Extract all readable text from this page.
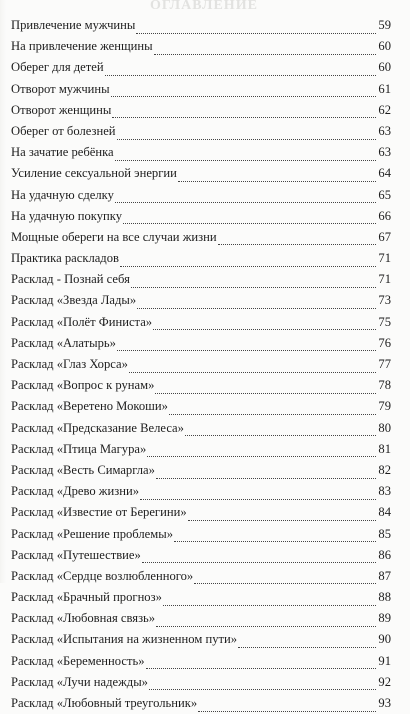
ОГЛАВЛЕНИЕ
Привлечение мужчины	59
На привлечение женщины	60
Оберег для детей	60
Отворот мужчины	61
Отворот женщины	62
Оберег от болезней	63
На зачатие ребёнка	63
Усиление сексуальной энергии	64
На удачную сделку	65
На удачную покупку	66
Мощные обереги на все случаи жизни	67
Практика раскладов	71
Расклад - Познай себя	71
Расклад «Звезда Лады»	73
Расклад «Полёт Финиста»	75
Расклад «Алатырь»	76
Расклад «Глаз Хорса»	77
Расклад «Вопрос к рунам»	78
Расклад «Веретено Мокоши»	79
Расклад «Предсказание Велеса»	80
Расклад «Птица Магура»	81
Расклад «Весть Симаргла»	82
Расклад «Древо жизни»	83
Расклад «Известие от Берегини»	84
Расклад «Решение проблемы»	85
Расклад «Путешествие»	86
Расклад «Сердце возлюбленного»	87
Расклад «Брачный прогноз»	88
Расклад «Любовная связь»	89
Расклад «Испытания на жизненном пути»	90
Расклад «Беременность»	91
Расклад «Лучи надежды»	92
Расклад «Любовный треугольник»	93
